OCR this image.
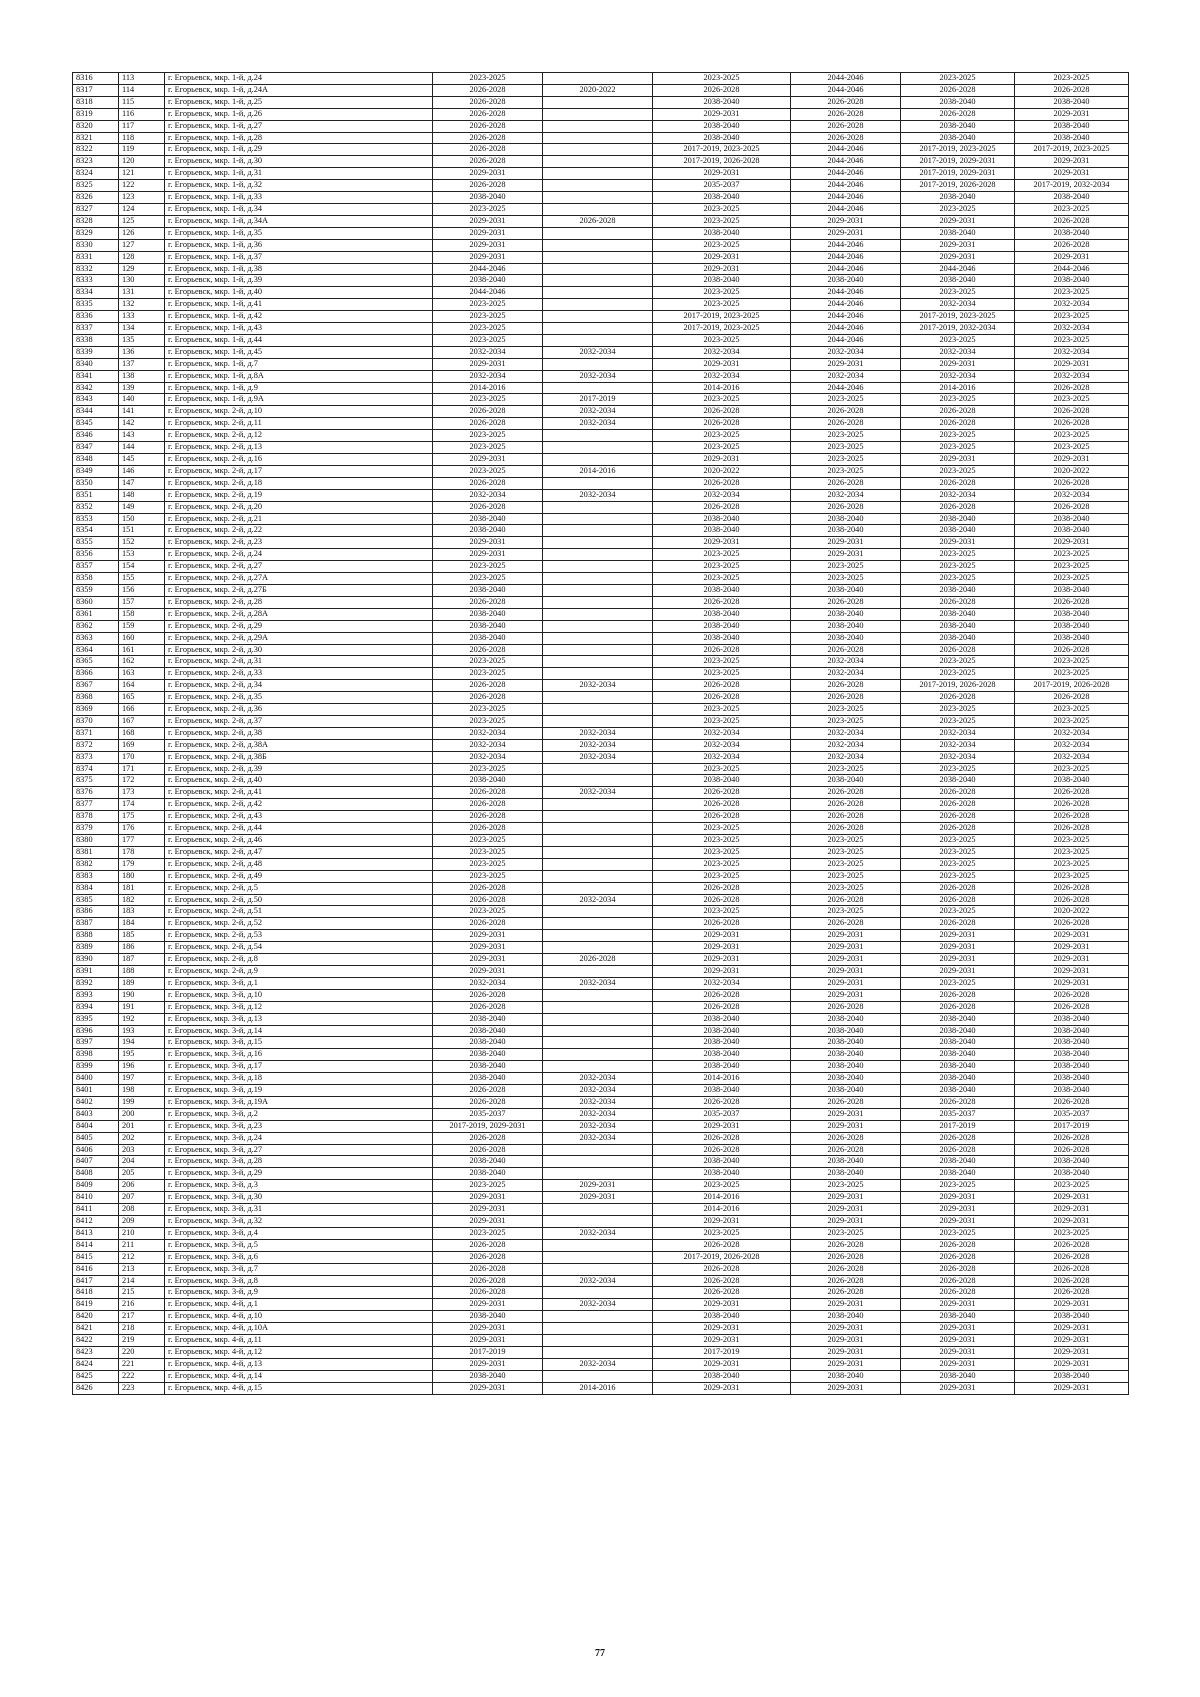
8316	113	г. Егорьевск, мкр. 1-й, д.24	2023-2025		2023-2025	2044-2046	2023-2025	2023-2025
8317	114	г. Егорьевск, мкр. 1-й, д.24А	2026-2028	2020-2022	2026-2028	2044-2046	2026-2028	2026-2028
8318	115	г. Егорьевск, мкр. 1-й, д.25	2026-2028		2038-2040	2026-2028	2038-2040	2038-2040
8319	116	г. Егорьевск, мкр. 1-й, д.26	2026-2028		2029-2031	2026-2028	2026-2028	2029-2031
8320	117	г. Егорьевск, мкр. 1-й, д.27	2026-2028		2038-2040	2026-2028	2038-2040	2038-2040
8321	118	г. Егорьевск, мкр. 1-й, д.28	2026-2028		2038-2040	2026-2028	2038-2040	2038-2040
8322	119	г. Егорьевск, мкр. 1-й, д.29	2026-2028		2017-2019, 2023-2025	2044-2046	2017-2019, 2023-2025	2017-2019, 2023-2025
8323	120	г. Егорьевск, мкр. 1-й, д.30	2026-2028		2017-2019, 2026-2028	2044-2046	2017-2019, 2029-2031	2029-2031
8324	121	г. Егорьевск, мкр. 1-й, д.31	2029-2031		2029-2031	2044-2046	2017-2019, 2029-2031	2029-2031
8325	122	г. Егорьевск, мкр. 1-й, д.32	2026-2028		2035-2037	2044-2046	2017-2019, 2026-2028	2017-2019, 2032-2034
8326	123	г. Егорьевск, мкр. 1-й, д.33	2038-2040		2038-2040	2044-2046	2038-2040	2038-2040
8327	124	г. Егорьевск, мкр. 1-й, д.34	2023-2025		2023-2025	2044-2046	2023-2025	2023-2025
8328	125	г. Егорьевск, мкр. 1-й, д.34А	2029-2031	2026-2028	2023-2025	2029-2031	2029-2031	2026-2028
8329	126	г. Егорьевск, мкр. 1-й, д.35	2029-2031		2038-2040	2029-2031	2038-2040	2038-2040
8330	127	г. Егорьевск, мкр. 1-й, д.36	2029-2031		2023-2025	2044-2046	2029-2031	2026-2028
8331	128	г. Егорьевск, мкр. 1-й, д.37	2029-2031		2029-2031	2044-2046	2029-2031	2029-2031
8332	129	г. Егорьевск, мкр. 1-й, д.38	2044-2046		2029-2031	2044-2046	2044-2046	2044-2046
8333	130	г. Егорьевск, мкр. 1-й, д.39	2038-2040		2038-2040	2038-2040	2038-2040	2038-2040
8334	131	г. Егорьевск, мкр. 1-й, д.40	2044-2046		2023-2025	2044-2046	2023-2025	2023-2025
8335	132	г. Егорьевск, мкр. 1-й, д.41	2023-2025		2023-2025	2044-2046	2032-2034	2032-2034
8336	133	г. Егорьевск, мкр. 1-й, д.42	2023-2025		2017-2019, 2023-2025	2044-2046	2017-2019, 2023-2025	2023-2025
8337	134	г. Егорьевск, мкр. 1-й, д.43	2023-2025		2017-2019, 2023-2025	2044-2046	2017-2019, 2032-2034	2032-2034
8338	135	г. Егорьевск, мкр. 1-й, д.44	2023-2025		2023-2025	2044-2046	2023-2025	2023-2025
8339	136	г. Егорьевск, мкр. 1-й, д.45	2032-2034	2032-2034	2032-2034	2032-2034	2032-2034	2032-2034
8340	137	г. Егорьевск, мкр. 1-й, д.7	2029-2031		2029-2031	2029-2031	2029-2031	2029-2031
8341	138	г. Егорьевск, мкр. 1-й, д.8А	2032-2034	2032-2034	2032-2034	2032-2034	2032-2034	2032-2034
8342	139	г. Егорьевск, мкр. 1-й, д.9	2014-2016		2014-2016	2044-2046	2014-2016	2026-2028
8343	140	г. Егорьевск, мкр. 1-й, д.9А	2023-2025	2017-2019	2023-2025	2023-2025	2023-2025	2023-2025
8344	141	г. Егорьевск, мкр. 2-й, д.10	2026-2028	2032-2034	2026-2028	2026-2028	2026-2028	2026-2028
8345	142	г. Егорьевск, мкр. 2-й, д.11	2026-2028	2032-2034	2026-2028	2026-2028	2026-2028	2026-2028
8346	143	г. Егорьевск, мкр. 2-й, д.12	2023-2025		2023-2025	2023-2025	2023-2025	2023-2025
8347	144	г. Егорьевск, мкр. 2-й, д.13	2023-2025		2023-2025	2023-2025	2023-2025	2023-2025
8348	145	г. Егорьевск, мкр. 2-й, д.16	2029-2031		2029-2031	2023-2025	2029-2031	2029-2031
8349	146	г. Егорьевск, мкр. 2-й, д.17	2023-2025	2014-2016	2020-2022	2023-2025	2023-2025	2020-2022
8350	147	г. Егорьевск, мкр. 2-й, д.18	2026-2028		2026-2028	2026-2028	2026-2028	2026-2028
8351	148	г. Егорьевск, мкр. 2-й, д.19	2032-2034	2032-2034	2032-2034	2032-2034	2032-2034	2032-2034
8352	149	г. Егорьевск, мкр. 2-й, д.20	2026-2028		2026-2028	2026-2028	2026-2028	2026-2028
8353	150	г. Егорьевск, мкр. 2-й, д.21	2038-2040		2038-2040	2038-2040	2038-2040	2038-2040
8354	151	г. Егорьевск, мкр. 2-й, д.22	2038-2040		2038-2040	2038-2040	2038-2040	2038-2040
8355	152	г. Егорьевск, мкр. 2-й, д.23	2029-2031		2029-2031	2029-2031	2029-2031	2029-2031
8356	153	г. Егорьевск, мкр. 2-й, д.24	2029-2031		2023-2025	2029-2031	2023-2025	2023-2025
8357	154	г. Егорьевск, мкр. 2-й, д.27	2023-2025		2023-2025	2023-2025	2023-2025	2023-2025
8358	155	г. Егорьевск, мкр. 2-й, д.27А	2023-2025		2023-2025	2023-2025	2023-2025	2023-2025
8359	156	г. Егорьевск, мкр. 2-й, д.27Б	2038-2040		2038-2040	2038-2040	2038-2040	2038-2040
8360	157	г. Егорьевск, мкр. 2-й, д.28	2026-2028		2026-2028	2026-2028	2026-2028	2026-2028
8361	158	г. Егорьевск, мкр. 2-й, д.28А	2038-2040		2038-2040	2038-2040	2038-2040	2038-2040
8362	159	г. Егорьевск, мкр. 2-й, д.29	2038-2040		2038-2040	2038-2040	2038-2040	2038-2040
8363	160	г. Егорьевск, мкр. 2-й, д.29А	2038-2040		2038-2040	2038-2040	2038-2040	2038-2040
8364	161	г. Егорьевск, мкр. 2-й, д.30	2026-2028		2026-2028	2026-2028	2026-2028	2026-2028
8365	162	г. Егорьевск, мкр. 2-й, д.31	2023-2025		2023-2025	2032-2034	2023-2025	2023-2025
8366	163	г. Егорьевск, мкр. 2-й, д.33	2023-2025		2023-2025	2032-2034	2023-2025	2023-2025
8367	164	г. Егорьевск, мкр. 2-й, д.34	2026-2028	2032-2034	2026-2028	2026-2028	2017-2019, 2026-2028	2017-2019, 2026-2028
8368	165	г. Егорьевск, мкр. 2-й, д.35	2026-2028		2026-2028	2026-2028	2026-2028	2026-2028
8369	166	г. Егорьевск, мкр. 2-й, д.36	2023-2025		2023-2025	2023-2025	2023-2025	2023-2025
8370	167	г. Егорьевск, мкр. 2-й, д.37	2023-2025		2023-2025	2023-2025	2023-2025	2023-2025
8371	168	г. Егорьевск, мкр. 2-й, д.38	2032-2034	2032-2034	2032-2034	2032-2034	2032-2034	2032-2034
8372	169	г. Егорьевск, мкр. 2-й, д.38А	2032-2034	2032-2034	2032-2034	2032-2034	2032-2034	2032-2034
8373	170	г. Егорьевск, мкр. 2-й, д.38Б	2032-2034	2032-2034	2032-2034	2032-2034	2032-2034	2032-2034
8374	171	г. Егорьевск, мкр. 2-й, д.39	2023-2025		2023-2025	2023-2025	2023-2025	2023-2025
8375	172	г. Егорьевск, мкр. 2-й, д.40	2038-2040		2038-2040	2038-2040	2038-2040	2038-2040
8376	173	г. Егорьевск, мкр. 2-й, д.41	2026-2028	2032-2034	2026-2028	2026-2028	2026-2028	2026-2028
8377	174	г. Егорьевск, мкр. 2-й, д.42	2026-2028		2026-2028	2026-2028	2026-2028	2026-2028
8378	175	г. Егорьевск, мкр. 2-й, д.43	2026-2028		2026-2028	2026-2028	2026-2028	2026-2028
8379	176	г. Егорьевск, мкр. 2-й, д.44	2026-2028		2023-2025	2026-2028	2026-2028	2026-2028
8380	177	г. Егорьевск, мкр. 2-й, д.46	2023-2025		2023-2025	2023-2025	2023-2025	2023-2025
8381	178	г. Егорьевск, мкр. 2-й, д.47	2023-2025		2023-2025	2023-2025	2023-2025	2023-2025
8382	179	г. Егорьевск, мкр. 2-й, д.48	2023-2025		2023-2025	2023-2025	2023-2025	2023-2025
8383	180	г. Егорьевск, мкр. 2-й, д.49	2023-2025		2023-2025	2023-2025	2023-2025	2023-2025
8384	181	г. Егорьевск, мкр. 2-й, д.5	2026-2028		2026-2028	2023-2025	2026-2028	2026-2028
8385	182	г. Егорьевск, мкр. 2-й, д.50	2026-2028	2032-2034	2026-2028	2026-2028	2026-2028	2026-2028
8386	183	г. Егорьевск, мкр. 2-й, д.51	2023-2025		2023-2025	2023-2025	2023-2025	2020-2022
8387	184	г. Егорьевск, мкр. 2-й, д.52	2026-2028		2026-2028	2026-2028	2026-2028	2026-2028
8388	185	г. Егорьевск, мкр. 2-й, д.53	2029-2031		2029-2031	2029-2031	2029-2031	2029-2031
8389	186	г. Егорьевск, мкр. 2-й, д.54	2029-2031		2029-2031	2029-2031	2029-2031	2029-2031
8390	187	г. Егорьевск, мкр. 2-й, д.8	2029-2031	2026-2028	2029-2031	2029-2031	2029-2031	2029-2031
8391	188	г. Егорьевск, мкр. 2-й, д.9	2029-2031		2029-2031	2029-2031	2029-2031	2029-2031
8392	189	г. Егорьевск, мкр. 3-й, д.1	2032-2034	2032-2034	2032-2034	2029-2031	2023-2025	2029-2031
8393	190	г. Егорьевск, мкр. 3-й, д.10	2026-2028		2026-2028	2029-2031	2026-2028	2026-2028
8394	191	г. Егорьевск, мкр. 3-й, д.12	2026-2028		2026-2028	2026-2028	2026-2028	2026-2028
8395	192	г. Егорьевск, мкр. 3-й, д.13	2038-2040		2038-2040	2038-2040	2038-2040	2038-2040
8396	193	г. Егорьевск, мкр. 3-й, д.14	2038-2040		2038-2040	2038-2040	2038-2040	2038-2040
8397	194	г. Егорьевск, мкр. 3-й, д.15	2038-2040		2038-2040	2038-2040	2038-2040	2038-2040
8398	195	г. Егорьевск, мкр. 3-й, д.16	2038-2040		2038-2040	2038-2040	2038-2040	2038-2040
8399	196	г. Егорьевск, мкр. 3-й, д.17	2038-2040		2038-2040	2038-2040	2038-2040	2038-2040
8400	197	г. Егорьевск, мкр. 3-й, д.18	2038-2040	2032-2034	2014-2016	2038-2040	2038-2040	2038-2040
8401	198	г. Егорьевск, мкр. 3-й, д.19	2026-2028	2032-2034	2038-2040	2038-2040	2038-2040	2038-2040
8402	199	г. Егорьевск, мкр. 3-й, д.19А	2026-2028	2032-2034	2026-2028	2026-2028	2026-2028	2026-2028
8403	200	г. Егорьевск, мкр. 3-й, д.2	2035-2037	2032-2034	2035-2037	2029-2031	2035-2037	2035-2037
8404	201	г. Егорьевск, мкр. 3-й, д.23	2017-2019, 2029-2031	2032-2034	2029-2031	2029-2031	2017-2019	2017-2019
8405	202	г. Егорьевск, мкр. 3-й, д.24	2026-2028	2032-2034	2026-2028	2026-2028	2026-2028	2026-2028
8406	203	г. Егорьевск, мкр. 3-й, д.27	2026-2028		2026-2028	2026-2028	2026-2028	2026-2028
8407	204	г. Егорьевск, мкр. 3-й, д.28	2038-2040		2038-2040	2038-2040	2038-2040	2038-2040
8408	205	г. Егорьевск, мкр. 3-й, д.29	2038-2040		2038-2040	2038-2040	2038-2040	2038-2040
8409	206	г. Егорьевск, мкр. 3-й, д.3	2023-2025	2029-2031	2023-2025	2023-2025	2023-2025	2023-2025
8410	207	г. Егорьевск, мкр. 3-й, д.30	2029-2031	2029-2031	2014-2016	2029-2031	2029-2031	2029-2031
8411	208	г. Егорьевск, мкр. 3-й, д.31	2029-2031		2014-2016	2029-2031	2029-2031	2029-2031
8412	209	г. Егорьевск, мкр. 3-й, д.32	2029-2031		2029-2031	2029-2031	2029-2031	2029-2031
8413	210	г. Егорьевск, мкр. 3-й, д.4	2023-2025	2032-2034	2023-2025	2023-2025	2023-2025	2023-2025
8414	211	г. Егорьевск, мкр. 3-й, д.5	2026-2028		2026-2028	2026-2028	2026-2028	2026-2028
8415	212	г. Егорьевск, мкр. 3-й, д.6	2026-2028		2017-2019, 2026-2028	2026-2028	2026-2028	2026-2028
8416	213	г. Егорьевск, мкр. 3-й, д.7	2026-2028		2026-2028	2026-2028	2026-2028	2026-2028
8417	214	г. Егорьевск, мкр. 3-й, д.8	2026-2028	2032-2034	2026-2028	2026-2028	2026-2028	2026-2028
8418	215	г. Егорьевск, мкр. 3-й, д.9	2026-2028		2026-2028	2026-2028	2026-2028	2026-2028
8419	216	г. Егорьевск, мкр. 4-й, д.1	2029-2031	2032-2034	2029-2031	2029-2031	2029-2031	2029-2031
8420	217	г. Егорьевск, мкр. 4-й, д.10	2038-2040		2038-2040	2038-2040	2038-2040	2038-2040
8421	218	г. Егорьевск, мкр. 4-й, д.10А	2029-2031		2029-2031	2029-2031	2029-2031	2029-2031
8422	219	г. Егорьевск, мкр. 4-й, д.11	2029-2031		2029-2031	2029-2031	2029-2031	2029-2031
8423	220	г. Егорьевск, мкр. 4-й, д.12	2017-2019		2017-2019	2029-2031	2029-2031	2029-2031
8424	221	г. Егорьевск, мкр. 4-й, д.13	2029-2031	2032-2034	2029-2031	2029-2031	2029-2031	2029-2031
8425	222	г. Егорьевск, мкр. 4-й, д.14	2038-2040		2038-2040	2038-2040	2038-2040	2038-2040
8426	223	г. Егорьевск, мкр. 4-й, д.15	2029-2031	2014-2016	2029-2031	2029-2031	2029-2031	2029-2031
77
